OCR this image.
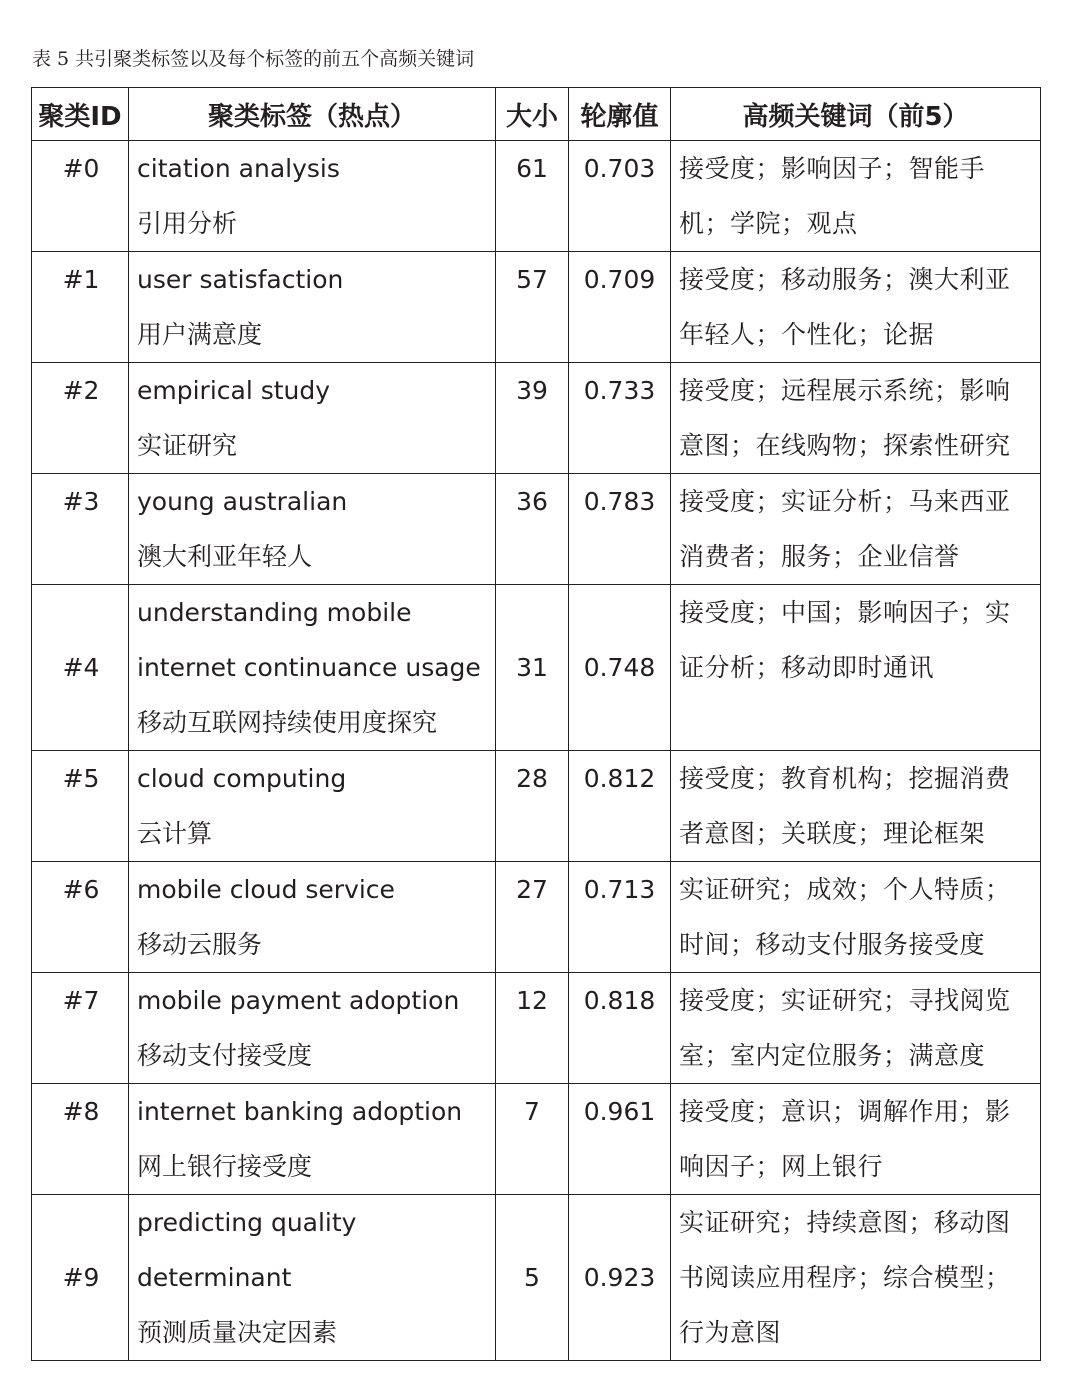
表 5 共引聚类标签以及每个标签的前五个高频关键词
聚类ID	聚类标签（热点）	大小	轮廓值	高频关键词（前5）
#0	citation analysis
引用分析	61	0.703	接受度；影响因子；智能手
机；学院；观点

#1	user satisfaction
用户满意度	57	0.709	接受度；移动服务；澳大利亚
年轻人；个性化；论据

#2	empirical study
实证研究	39	0.733	接受度；远程展示系统；影响
意图；在线购物；探索性研究

#3	young australian
澳大利亚年轻人	36	0.783	接受度；实证分析；马来西亚
消费者；服务；企业信誉

#4	understanding mobile
internet continuance usage
移动互联网持续使用度探究	31	0.748	接受度；中国；影响因子；实
证分析；移动即时通讯

#5	cloud computing
云计算	28	0.812	接受度；教育机构；挖掘消费
者意图；关联度；理论框架

#6	mobile cloud service
移动云服务	27	0.713	实证研究；成效；个人特质；
时间；移动支付服务接受度

#7	mobile payment adoption
移动支付接受度	12	0.818	接受度；实证研究；寻找阅览
室；室内定位服务；满意度

#8	internet banking adoption
网上银行接受度	7	0.961	接受度；意识；调解作用；影
响因子；网上银行

#9	predicting quality
determinant
预测质量决定因素	5	0.923	实证研究；持续意图；移动图
书阅读应用程序；综合模型；
行为意图
